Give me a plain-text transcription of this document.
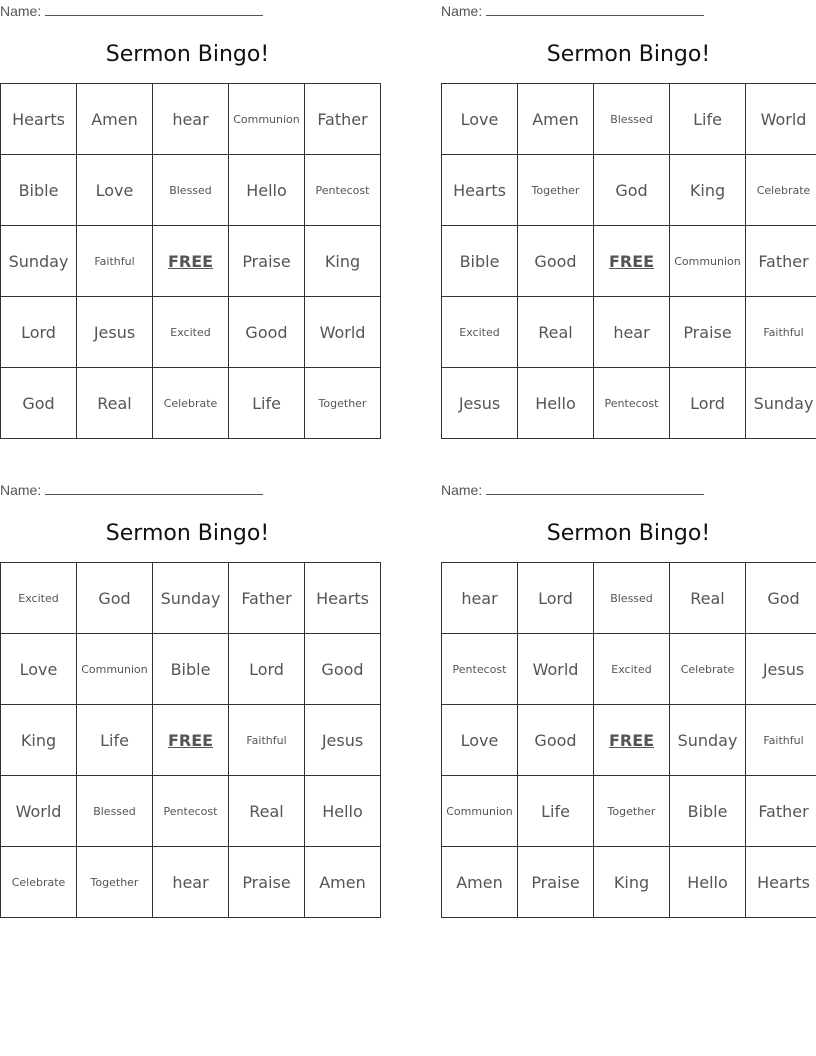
Name:
Sermon Bingo!
Hearts	Amen	hear	Communion	Father
Bible	Love	Blessed	Hello	Pentecost
Sunday	Faithful	FREE	Praise	King
Lord	Jesus	Excited	Good	World
God	Real	Celebrate	Life	Together
Name:
Sermon Bingo!
Love	Amen	Blessed	Life	World
Hearts	Together	God	King	Celebrate
Bible	Good	FREE	Communion	Father
Excited	Real	hear	Praise	Faithful
Jesus	Hello	Pentecost	Lord	Sunday
Name:
Sermon Bingo!
Excited	God	Sunday	Father	Hearts
Love	Communion	Bible	Lord	Good
King	Life	FREE	Faithful	Jesus
World	Blessed	Pentecost	Real	Hello
Celebrate	Together	hear	Praise	Amen
Name:
Sermon Bingo!
hear	Lord	Blessed	Real	God
Pentecost	World	Excited	Celebrate	Jesus
Love	Good	FREE	Sunday	Faithful
Communion	Life	Together	Bible	Father
Amen	Praise	King	Hello	Hearts
